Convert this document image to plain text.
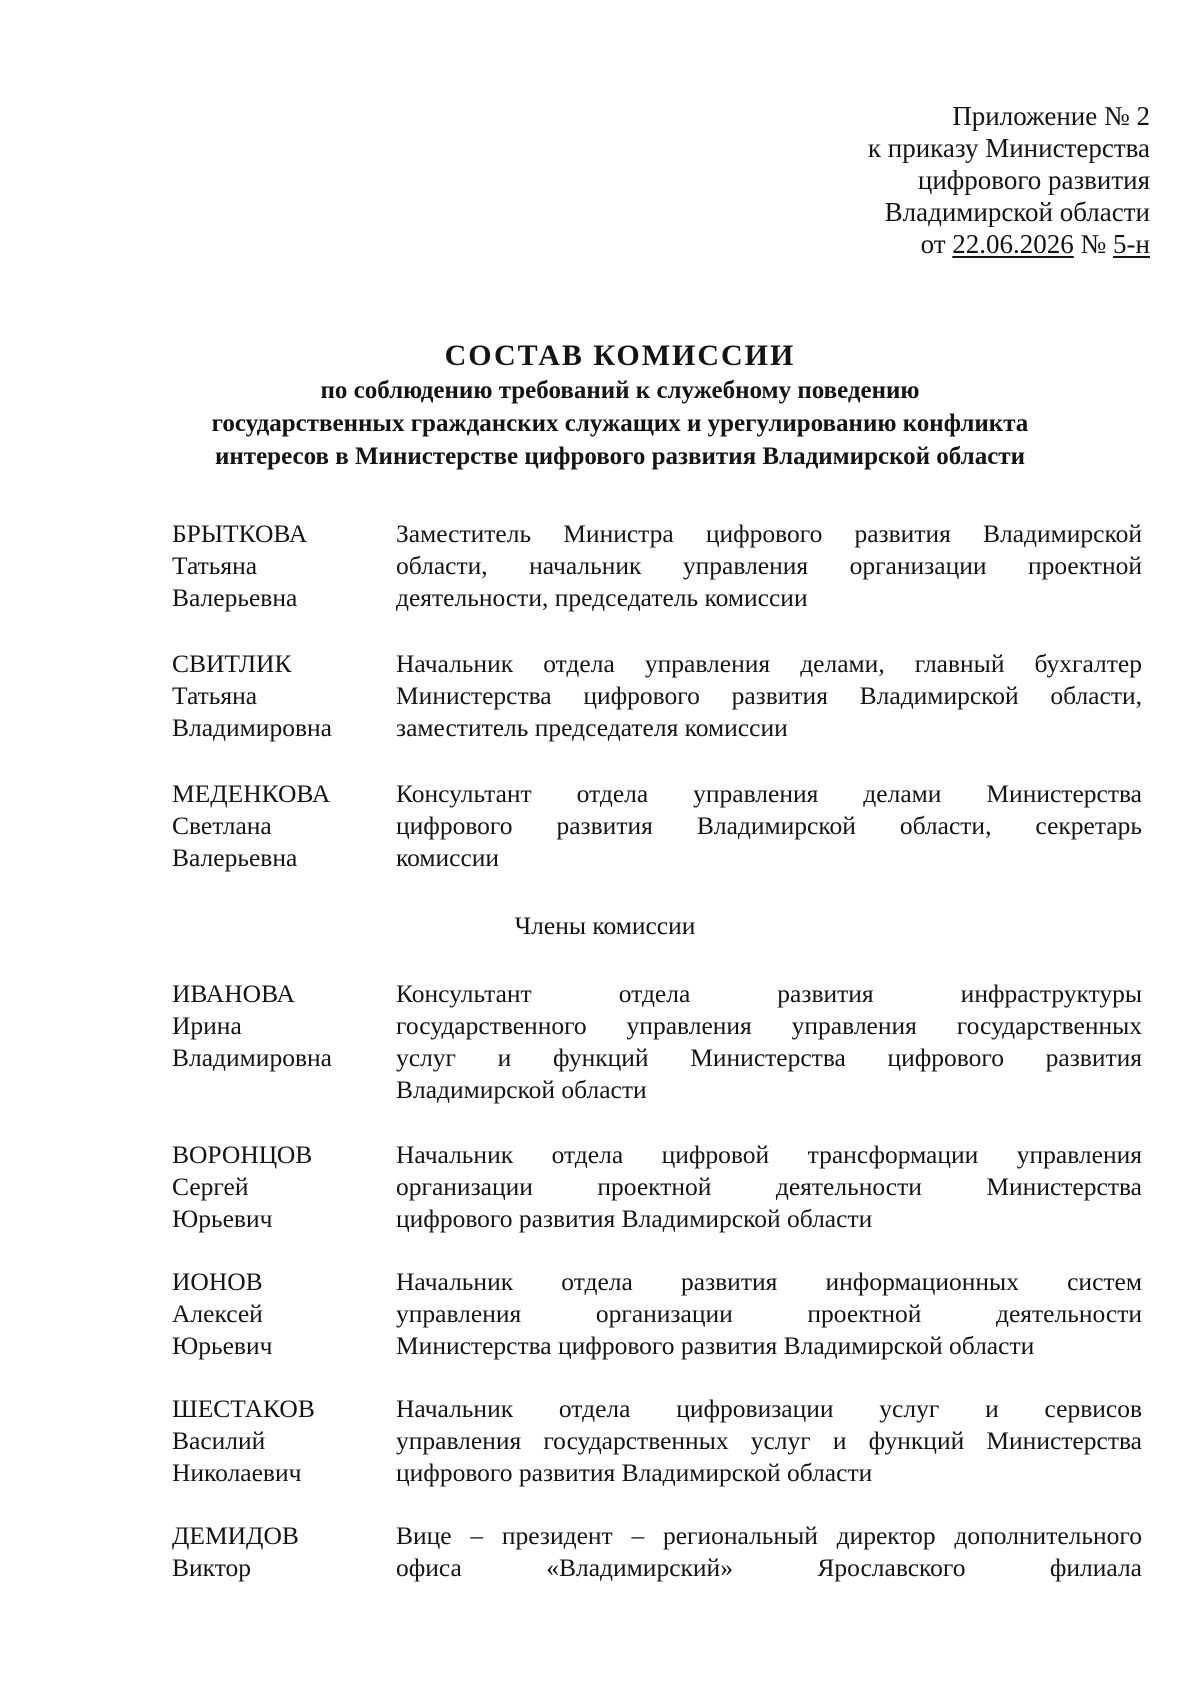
Приложение № 2
к приказу Министерства
цифрового развития
Владимирской области
от 22.06.2026 № 5-н
СОСТАВ КОМИССИИ
по соблюдению требований к служебному поведению
государственных гражданских служащих и урегулированию конфликта
интересов в Министерстве цифрового развития Владимирской области
БРЫТКОВА
Татьяна
Валерьевна
Заместитель Министра цифрового развития Владимирской
области, начальник управления организации проектной
деятельности, председатель комиссии
СВИТЛИК
Татьяна
Владимировна
Начальник отдела управления делами, главный бухгалтер
Министерства цифрового развития Владимирской области,
заместитель председателя комиссии
МЕДЕНКОВА
Светлана
Валерьевна
Консультант отдела управления делами Министерства
цифрового развития Владимирской области, секретарь
комиссии
Члены комиссии
ИВАНОВА
Ирина
Владимировна
Консультант отдела развития инфраструктуры
государственного управления управления государственных
услуг и функций Министерства цифрового развития
Владимирской области
ВОРОНЦОВ
Сергей
Юрьевич
Начальник отдела цифровой трансформации управления
организации проектной деятельности Министерства
цифрового развития Владимирской области
ИОНОВ
Алексей
Юрьевич
Начальник отдела развития информационных систем
управления организации проектной деятельности
Министерства цифрового развития Владимирской области
ШЕСТАКОВ
Василий
Николаевич
Начальник отдела цифровизации услуг и сервисов
управления государственных услуг и функций Министерства
цифрового развития Владимирской области
ДЕМИДОВ
Виктор
Вице – президент – региональный директор дополнительного
офиса «Владимирский» Ярославского филиала
